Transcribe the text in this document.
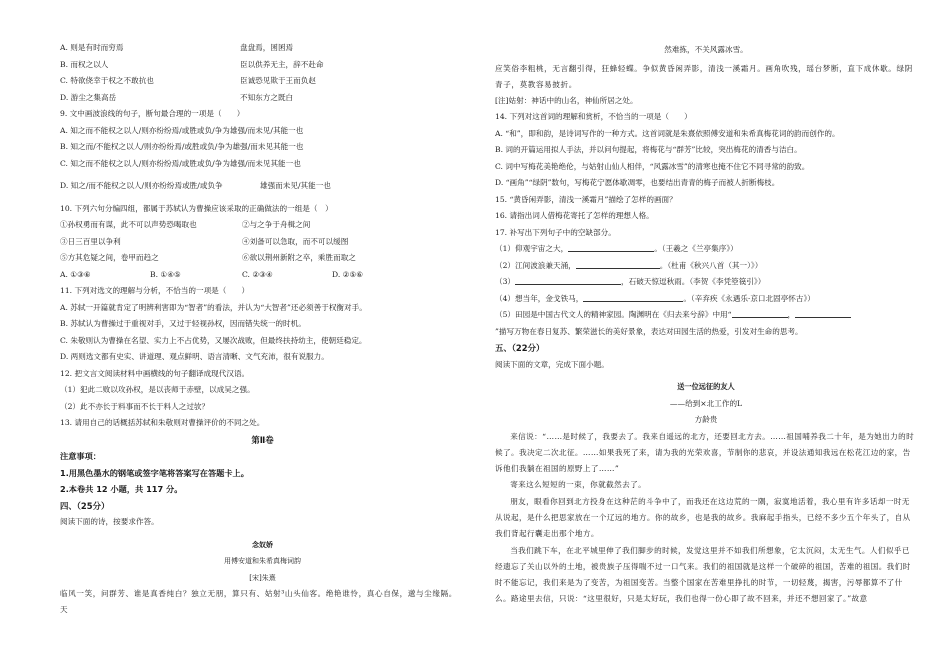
A. 则是有时而穷焉	盘盘焉，囷囷焉
B. 而权之以人	臣以供养无主，辞不赴命
C. 特欲侥幸于权之不敢抗也	臣诚恐见欺于王而负赵
D. 游尘之集高岳	不知东方之既白
9. 文中画波浪线的句子，断句最合理的一项是（　　）
A. 知之而不能权之以人/则亦纷纷焉/或胜或负/争为雄强/而未见/其能一也
B. 知之而/不能权之以人/则亦纷纷焉/或胜或负/争为雄强/而未见其能一也
C. 知之而不能权之以人/则亦纷纷焉/或胜或负/争为雄强/而未见其能一也
D. 知之/而不能权之以人/则亦纷纷焉或胜/或负争	雄强而未见/其能一也
10. 下列六句分编四组，都属于苏轼认为曹操应该采取的正确做法的一组是（　）
①孙权勇而有谋，此不可以声势恐喝取也	②与之争于舟楫之间
③日三百里以争利	④刘备可以急取，而不可以缓图
⑤方其危疑之间，卷甲而趋之	⑥欲以荆州新附之卒，乘胜而取之
A. ①③⑥	B. ①④⑤	C. ②③④	D. ②⑤⑥
11. 下列对选文的理解与分析，不恰当的一项是（　　）
A. 苏轼一开篇就肯定了明辨利害即为“智者”的看法，并认为“大智者”还必须善于权衡对手。
B. 苏轼认为曹操过于重视对手，又过于轻视孙权，因而错失统一的时机。
C. 朱敬则认为曹操在名望、实力上不占优势，又屡次战败，但最终扶持幼主，使朝廷稳定。
D. 两则选文都有史实、讲道理、观点鲜明、语言清晰、文气充沛，很有说服力。
12. 把文言文阅读材料中画横线的句子翻译成现代汉语。
（1）犯此二败以攻孙权，是以丧师于赤壁，以成吴之强。
（2）此不亦长于料事而不长于料人之过欤？
13. 请用自己的话概括苏轼和朱敬则对曹操评价的不同之处。
第Ⅱ卷
注意事项：
1.用黑色墨水的钢笔或签字笔将答案写在答题卡上。
2.本卷共 12 小题，共 117 分。
四、（25分）
阅读下面的诗，按要求作答。
念奴娇
用傅安道和朱希真梅词韵
[宋]朱熹
临风一笑，问群芳、谁是真香纯白？独立无朋，算只有、姑射³山头仙客。绝艳谁怜，真心自保，邈与尘缘隔。天
然难拣，不关风露冰雪。
应笑俗李粗桃，无言翻引得，狂蜂轻蝶。争似黄昏闲弄影，清浅一溪霜月。画角吹残，瑶台梦断，直下成休歇。绿阴青子，莫教容易披折。
[注]姑射：神话中的山名，神仙所居之处。
14. 下列对这首词的理解和赏析，不恰当的一项是（　　）
A. “和”，即和韵，是诗词写作的一种方式。这首词就是朱熹依照傅安道和朱希真梅花词的韵而创作的。
B. 词的开篇运用拟人手法，并以问句提起，将梅花与“群芳”比较，突出梅花的清香与洁白。
C. 词中写梅花美艳绝伦，与姑射山仙人相伴，“风露冰雪”的清寒也掩不住它不同寻常的韵致。
D. “画角”“绿阴”数句，写梅花宁愿体歇凋零，也要结出青青的梅子而被人折断梅枝。
15. “黄昏闲弄影，清浅一溪霜月”描绘了怎样的画面？
16. 请指出词人借梅花寄托了怎样的理想人格。
17. 补写出下列句子中的空缺部分。
（1）仰观宇宙之大，	。（王羲之《兰亭集序》）
（2）江间波浪兼天涌，	。（杜甫《秋兴八首（其一）》）
（3）	，石破天惊逗秋雨。（李贺《李凭箜篌引》）
（4）想当年，金戈铁马，	。（辛弃疾《永遇乐·京口北固亭怀古》）
（5）田园是中国古代文人的精神家园。陶渊明在《归去来兮辞》中用“	，
”描写万物在春日复苏、繁荣滋长的美好景象，表达对田园生活的热爱，引发对生命的思考。
五、（22分）
阅读下面的文章，完成下面小题。
送一位远征的友人
——给到×北工作的L
方龄贵
来信说：“……是时候了，我要去了。我来自遥远的北方，还要回北方去。……祖国哺养我二十年，是为她出力的时候了。我决定二次北征。……如果我死了来，请为我的光荣欢喜，节制你的悲哀，并设法通知我远在松花江边的家，告诉他们我躺在祖国的原野上了……”
寄来这么短短的一束，你就截然去了。
朋友，眼看你回到北方投身在这种茫的斗争中了，而我还在这边荒的一隅，寂寞地活着，我心里有许多话却一时无从说起，是什么把思家放在一个辽远的地方。你的故乡，也是我的故乡。我麻起手指头，已经不多少五个年头了，自从我们背起行囊走出那个地方。
当我们跳下车，在北平城里伸了我们脚步的时候，发觉这里并不如我们所想象，它太沉闷，太无生气。人们似乎已经遗忘了关山以外的土地，被贵族子压得喘不过一口气来。我们的祖国就是这样一个破碎的祖国，苦难的祖国。我们时时不能忘记，我们来是为了变苦，为祖国变苦。当整个国家在苦难里挣扎的时节，一切轻蔑，揭害，污辱都算不了什么。路途里去信，只说：“这里很好，只是太好玩，我们也得一份心即了故不回来，并还不想回家了。”故意
